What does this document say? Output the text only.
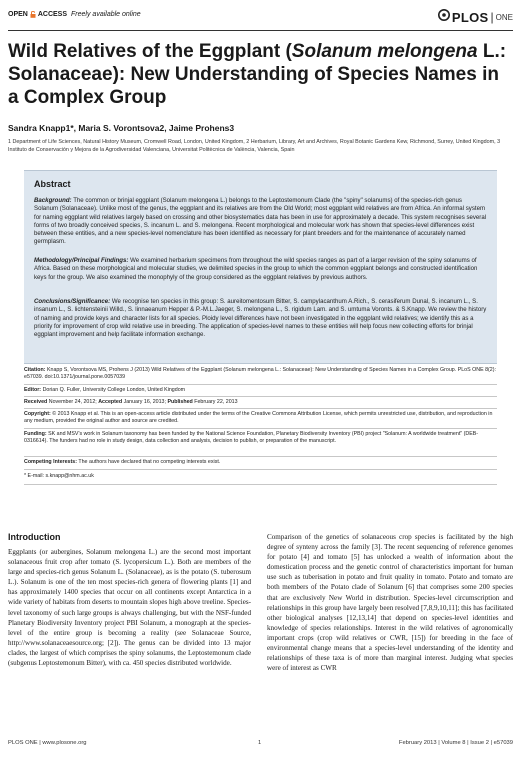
OPEN ACCESS Freely available online	PLOS | ONE
Wild Relatives of the Eggplant (Solanum melongena L.: Solanaceae): New Understanding of Species Names in a Complex Group
Sandra Knapp1*, Maria S. Vorontsova2, Jaime Prohens3
1 Department of Life Sciences, Natural History Museum, Cromwell Road, London, United Kingdom, 2 Herbarium, Library, Art and Archives, Royal Botanic Gardens Kew, Richmond, Surrey, United Kingdom, 3 Instituto de Conservación y Mejora de la Agrodiversidad Valenciana, Universitat Politècnica de València, Valencia, Spain
Abstract
Background: The common or brinjal eggplant (Solanum melongena L.) belongs to the Leptostemonum Clade (the "spiny" solanums) of the species-rich genus Solanum (Solanaceae). Unlike most of the genus, the eggplant and its relatives are from the Old World; most eggplant wild relatives are from Africa. An informal system for naming eggplant wild relatives largely based on crossing and other biosystematics data has been in use for approximately a decade. This system recognises several forms of two broadly conceived species, S. incanum L. and S. melongena. Recent morphological and molecular work has shown that species-level differences exist between these entities, and a new species-level nomenclature has been identified as necessary for plant breeders and for the maintenance of accurately named germplasm.
Methodology/Principal Findings: We examined herbarium specimens from throughout the wild species ranges as part of a larger revision of the spiny solanums of Africa. Based on these morphological and molecular studies, we delimited species in the group to which the common eggplant belongs and constructed identification keys for the group. We also examined the monophyly of the group considered as the eggplant relatives by previous authors.
Conclusions/Significance: We recognise ten species in this group: S. aureitomentosum Bitter, S. campylacanthum A.Rich., S. cerasiferum Dunal, S. incanum L., S. insanum L., S. lichtensteinii Willd., S. linnaeanum Hepper & P.-M.L.Jaeger, S. melongena L., S. rigidum Lam. and S. umtuma Voronts. & S.Knapp. We review the history of naming and provide keys and character lists for all species. Ploidy level differences have not been investigated in the eggplant wild relatives; we identify this as a priority for improvement of crop wild relative use in breeding. The application of species-level names to these entities will help focus new collecting efforts for brinjal eggplant improvement and help facilitate information exchange.
Citation: Knapp S, Vorontsova MS, Prohens J (2013) Wild Relatives of the Eggplant (Solanum melongena L.: Solanaceae): New Understanding of Species Names in a Complex Group. PLoS ONE 8(2): e57039. doi:10.1371/journal.pone.0057039
Editor: Dorian Q. Fuller, University College London, United Kingdom
Received November 24, 2012; Accepted January 16, 2013; Published February 22, 2013
Copyright: © 2013 Knapp et al. This is an open-access article distributed under the terms of the Creative Commons Attribution License, which permits unrestricted use, distribution, and reproduction in any medium, provided the original author and source are credited.
Funding: SK and MSV's work in Solanum taxonomy has been funded by the National Science Foundation, Planetary Biodiversity Inventory (PBI) project "Solanum: A worldwide treatment" (DEB-0316614). The funders had no role in study design, data collection and analysis, decision to publish, or preparation of the manuscript.
Competing Interests: The authors have declared that no competing interests exist.
* E-mail: s.knapp@nhm.ac.uk
Introduction
Eggplants (or aubergines, Solanum melongena L.) are the second most important solanaceous fruit crop after tomato (S. lycopersicum L.). Both are members of the large and species-rich genus Solanum L. (Solanaceae), as is the potato (S. tuberosum L.). Solanum is one of the ten most species-rich genera of flowering plants [1] and has approximately 1400 species that occur on all continents except Antarctica in a wide variety of habitats from deserts to mountain slopes high above treeline. Species-level taxonomy of such large groups is always challenging, but with the NSF-funded Planetary Biodiversity Inventory project PBI Solanum, a monograph at the species-level of the entire group is becoming a reality (see Solanaceae Source, http://www.solanaceaesource.org; [2]). The genus can be divided into 13 major clades, the largest of which comprises the spiny solanums, the Leptostemonum clade (subgenus Leptostemonum Bitter), with ca. 450 species distributed worldwide.
Comparison of the genetics of solanaceous crop species is facilitated by the high degree of synteny across the family [3]. The recent sequencing of reference genomes for potato [4] and tomato [5] has unlocked a wealth of information about the domestication process and the genetic control of characteristics important for human use such as tuberisation in potato and fruit quality in tomato. Potato and tomato are both members of the Potato clade of Solanum [6] that comprises some 200 species that are exclusively New World in distribution. Species-level circumscription and relationships in this group have largely been resolved [7,8,9,10,11]; this has facilitated other biological analyses [12,13,14] that depend on species-level identities and knowledge of species relationships. Interest in the wild relatives of agronomically important crops (crop wild relatives or CWR, [15]) for breeding in the face of environmental change means that a species-level understanding of the identity and relationships of these taxa is of more than marginal interest. Judging what species were of interest as CWR
PLOS ONE | www.plosone.org	1	February 2013 | Volume 8 | Issue 2 | e57039
